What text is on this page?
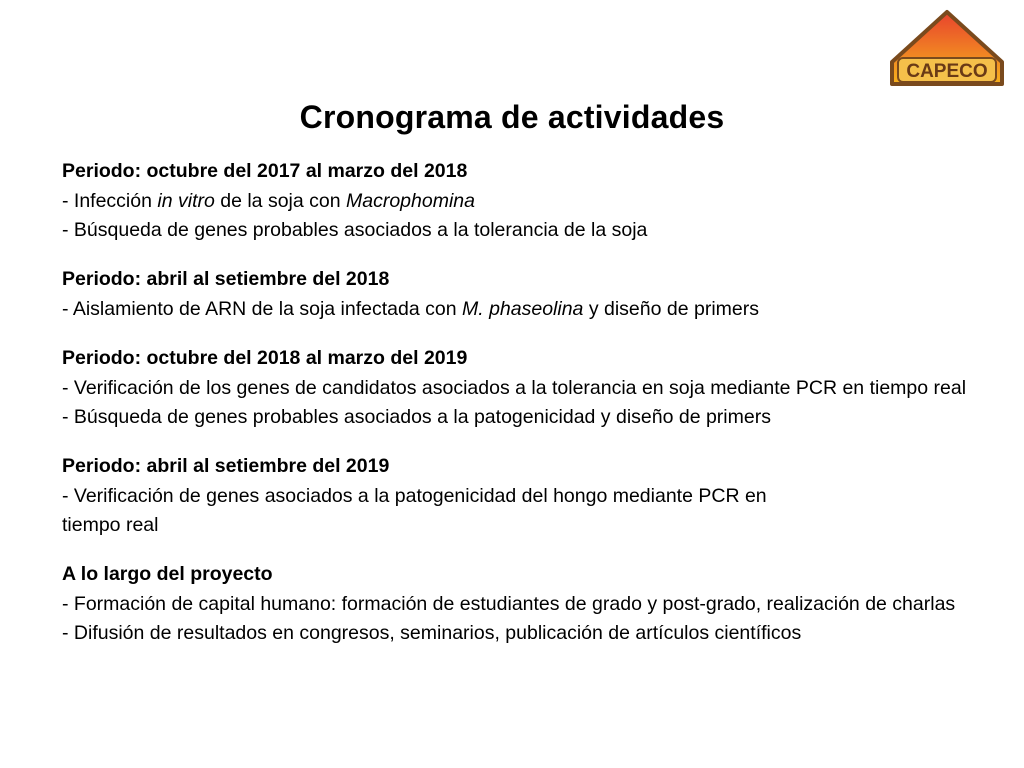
Cronograma de actividades
CAPECO
Periodo: octubre del 2017 al marzo del 2018
- Infección in vitro de la soja con Macrophomina
- Búsqueda de genes probables asociados a la tolerancia de la soja
Periodo: abril al setiembre del 2018
- Aislamiento de ARN de la soja infectada con M. phaseolina y diseño de primers
Periodo: octubre del 2018 al marzo del 2019
- Verificación de los genes de candidatos asociados a la tolerancia en soja mediante PCR en tiempo real
- Búsqueda de genes probables asociados a la patogenicidad y diseño de primers
Periodo: abril al setiembre del 2019
- Verificación de genes asociados a la patogenicidad del hongo mediante PCR en
tiempo real
A lo largo del proyecto
- Formación de capital humano: formación de estudiantes de grado y post-grado, realización de charlas
- Difusión de resultados en congresos, seminarios, publicación de artículos científicos
